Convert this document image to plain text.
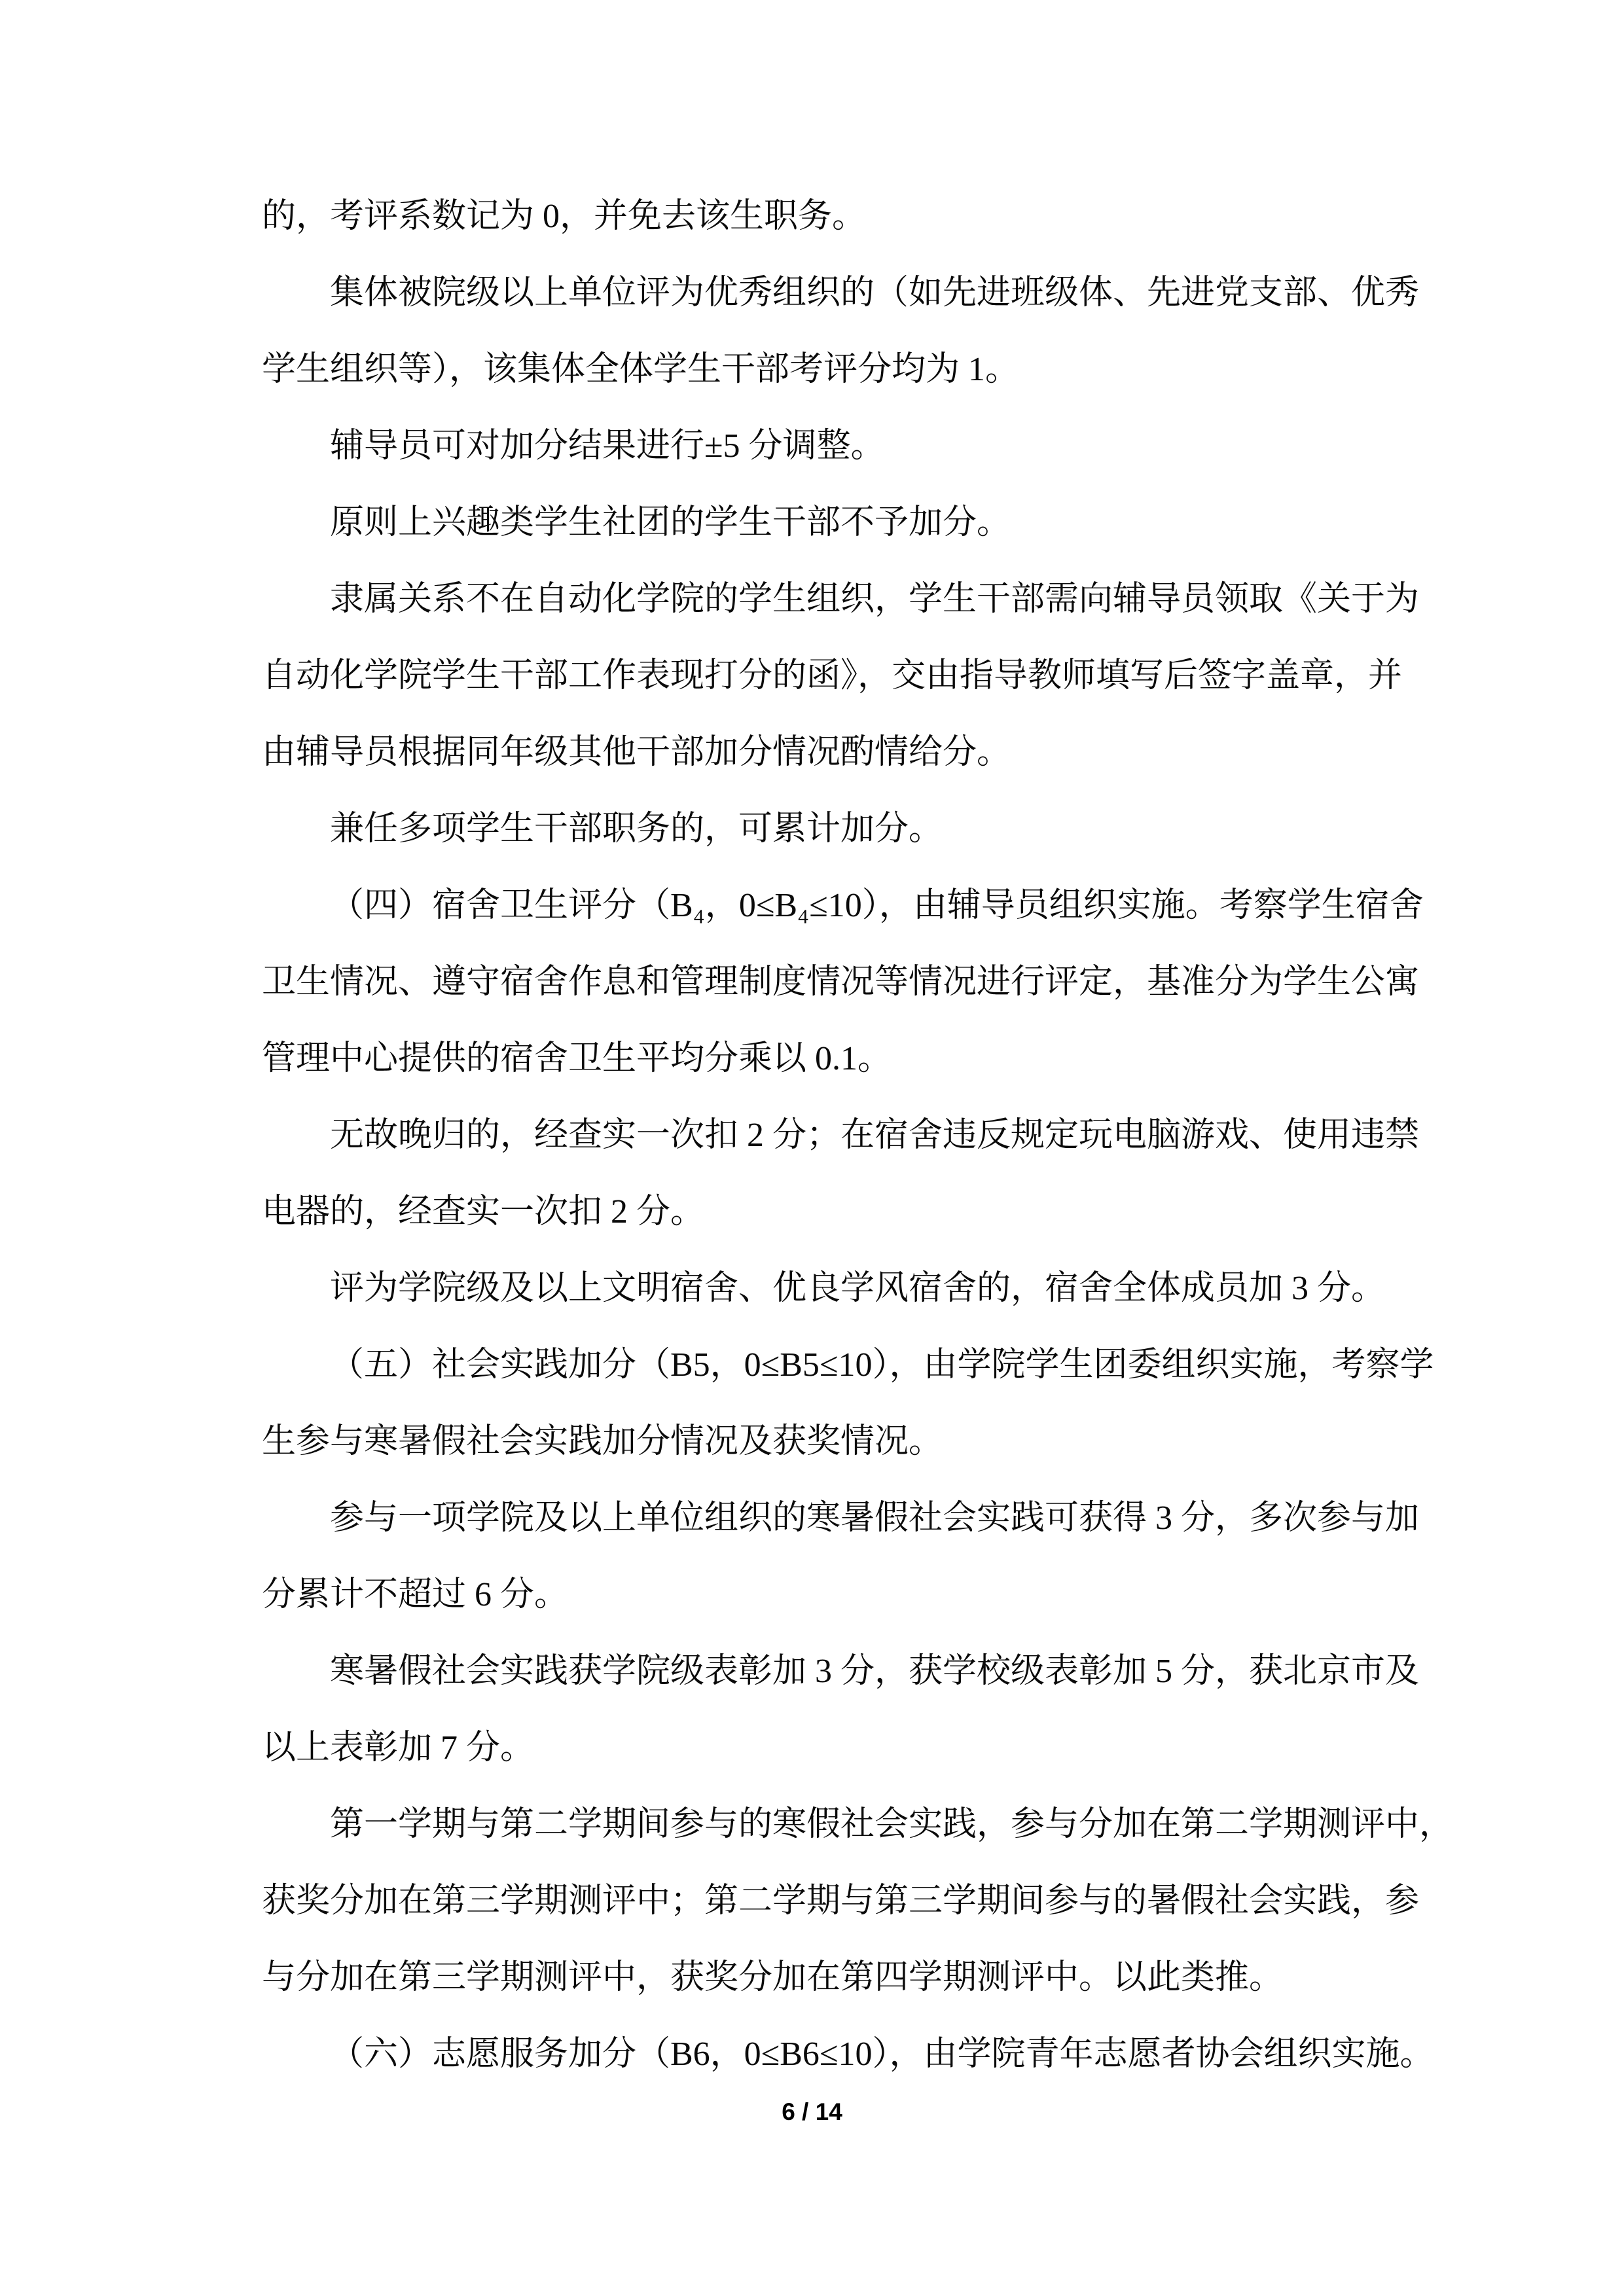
的，考评系数记为 0，并免去该生职务。
集体被院级以上单位评为优秀组织的（如先进班级体、先进党支部、优秀
学生组织等），该集体全体学生干部考评分均为 1。
辅导员可对加分结果进行±5 分调整。
原则上兴趣类学生社团的学生干部不予加分。
隶属关系不在自动化学院的学生组织，学生干部需向辅导员领取《关于为
自动化学院学生干部工作表现打分的函》，交由指导教师填写后签字盖章，并
由辅导员根据同年级其他干部加分情况酌情给分。
兼任多项学生干部职务的，可累计加分。
（四）宿舍卫生评分（B₄，0≤B₄≤10），由辅导员组织实施。考察学生宿舍
卫生情况、遵守宿舍作息和管理制度情况等情况进行评定，基准分为学生公寓
管理中心提供的宿舍卫生平均分乘以 0.1。
无故晚归的，经查实一次扣 2 分；在宿舍违反规定玩电脑游戏、使用违禁
电器的，经查实一次扣 2 分。
评为学院级及以上文明宿舍、优良学风宿舍的，宿舍全体成员加 3 分。
（五）社会实践加分（B5，0≤B5≤10），由学院学生团委组织实施，考察学
生参与寒暑假社会实践加分情况及获奖情况。
参与一项学院及以上单位组织的寒暑假社会实践可获得 3 分，多次参与加
分累计不超过 6 分。
寒暑假社会实践获学院级表彰加 3 分，获学校级表彰加 5 分，获北京市及
以上表彰加 7 分。
第一学期与第二学期间参与的寒假社会实践，参与分加在第二学期测评中，
获奖分加在第三学期测评中；第二学期与第三学期间参与的暑假社会实践，参
与分加在第三学期测评中，获奖分加在第四学期测评中。以此类推。
（六）志愿服务加分（B6，0≤B6≤10），由学院青年志愿者协会组织实施。
6 / 14
